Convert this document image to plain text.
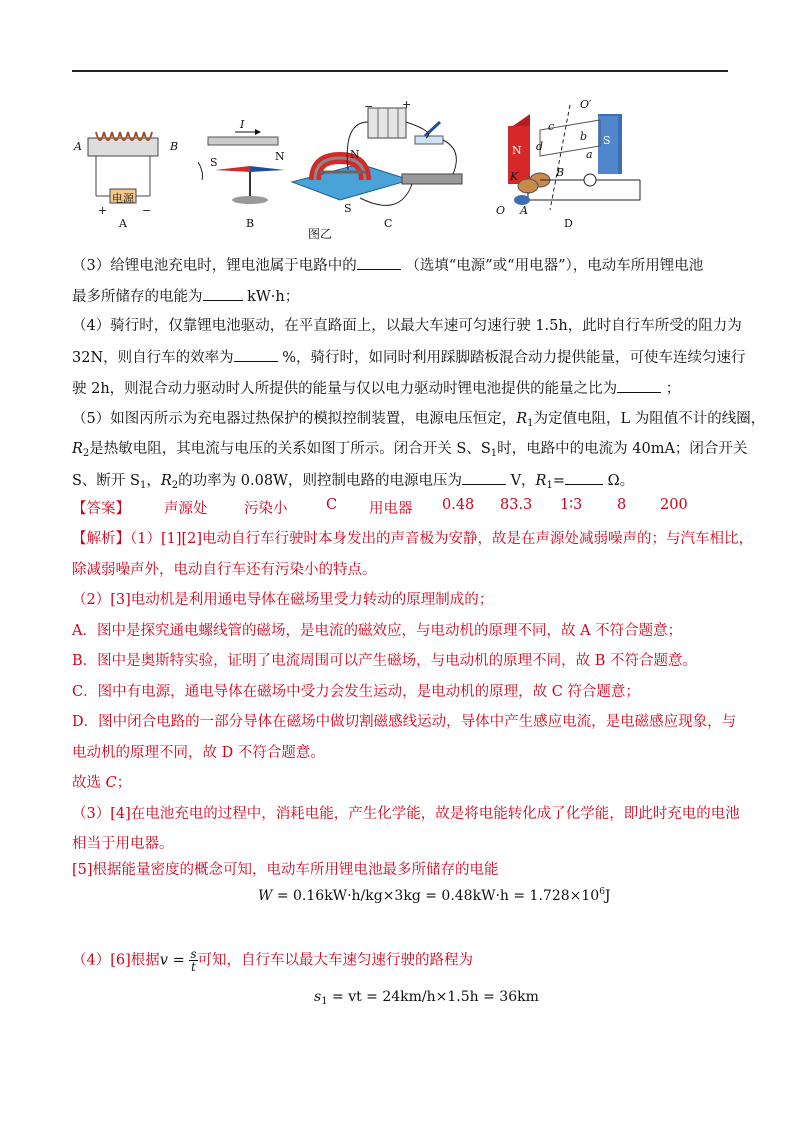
A	B
电源
+	−
A
I
S	N
B
N
S
−	+
C
N
S
O′
O
a
b
c
d
K
A
B
D
图乙
（3）给锂电池充电时，锂电池属于电路中的	（选填“电源”或“用电器”），电动车所用锂电池
最多所储存的电能为	kW·h；
（4）骑行时，仅靠锂电池驱动，在平直路面上，以最大车速可匀速行驶 1.5h，此时自行车所受的阻力为
32N，则自行车的效率为	%，骑行时，如同时利用踩脚踏板混合动力提供能量，可使车连续匀速行
驶 2h，则混合动力驱动时人所提供的能量与仅以电力驱动时锂电池提供的能量之比为	；
（5）如图丙所示为充电器过热保护的模拟控制装置，电源电压恒定，$R_1$为定值电阻，L 为阻值不计的线圈，
$R_2$是热敏电阻，其电流与电压的关系如图丁所示。闭合开关 S、$S_1$时，电路中的电流为 40mA；闭合开关
S、断开 $S_1$，$R_2$的功率为 0.08W，则控制电路的电源电压为	V，$R_1=$	Ω。
【答案】 声源处	污染小	C 用电器 0.48 83.3 1∶3 8 200
【解析】（1）[1][2]电动自行车行驶时本身发出的声音极为安静，故是在声源处减弱噪声的；与汽车相比，
除减弱噪声外，电动自行车还有污染小的特点。
（2）[3]电动机是利用通电导体在磁场里受力转动的原理制成的；
A．图中是探究通电螺线管的磁场，是电流的磁效应，与电动机的原理不同，故 A 不符合题意；
B．图中是奥斯特实验，证明了电流周围可以产生磁场，与电动机的原理不同，故 B 不符合题意。
C．图中有电源，通电导体在磁场中受力会发生运动，是电动机的原理，故 C 符合题意；
D．图中闭合电路的一部分导体在磁场中做切割磁感线运动，导体中产生感应电流，是电磁感应现象，与
电动机的原理不同，故 D 不符合题意。
故选 C；
（3）[4]在电池充电的过程中，消耗电能，产生化学能，故是将电能转化成了化学能，即此时充电的电池
相当于用电器。
[5]根据能量密度的概念可知，电动车所用锂电池最多所储存的电能
$W = 0.16kW\cdot h/kg\times 3kg = 0.48kW\cdot h = 1.728\times 10^6J$
（4）[6]根据$v = \frac{s}{t}$ 可知，自行车以最大车速匀速行驶的路程为
$s_1$ = vt = 24km/h×1.5h = 36km
